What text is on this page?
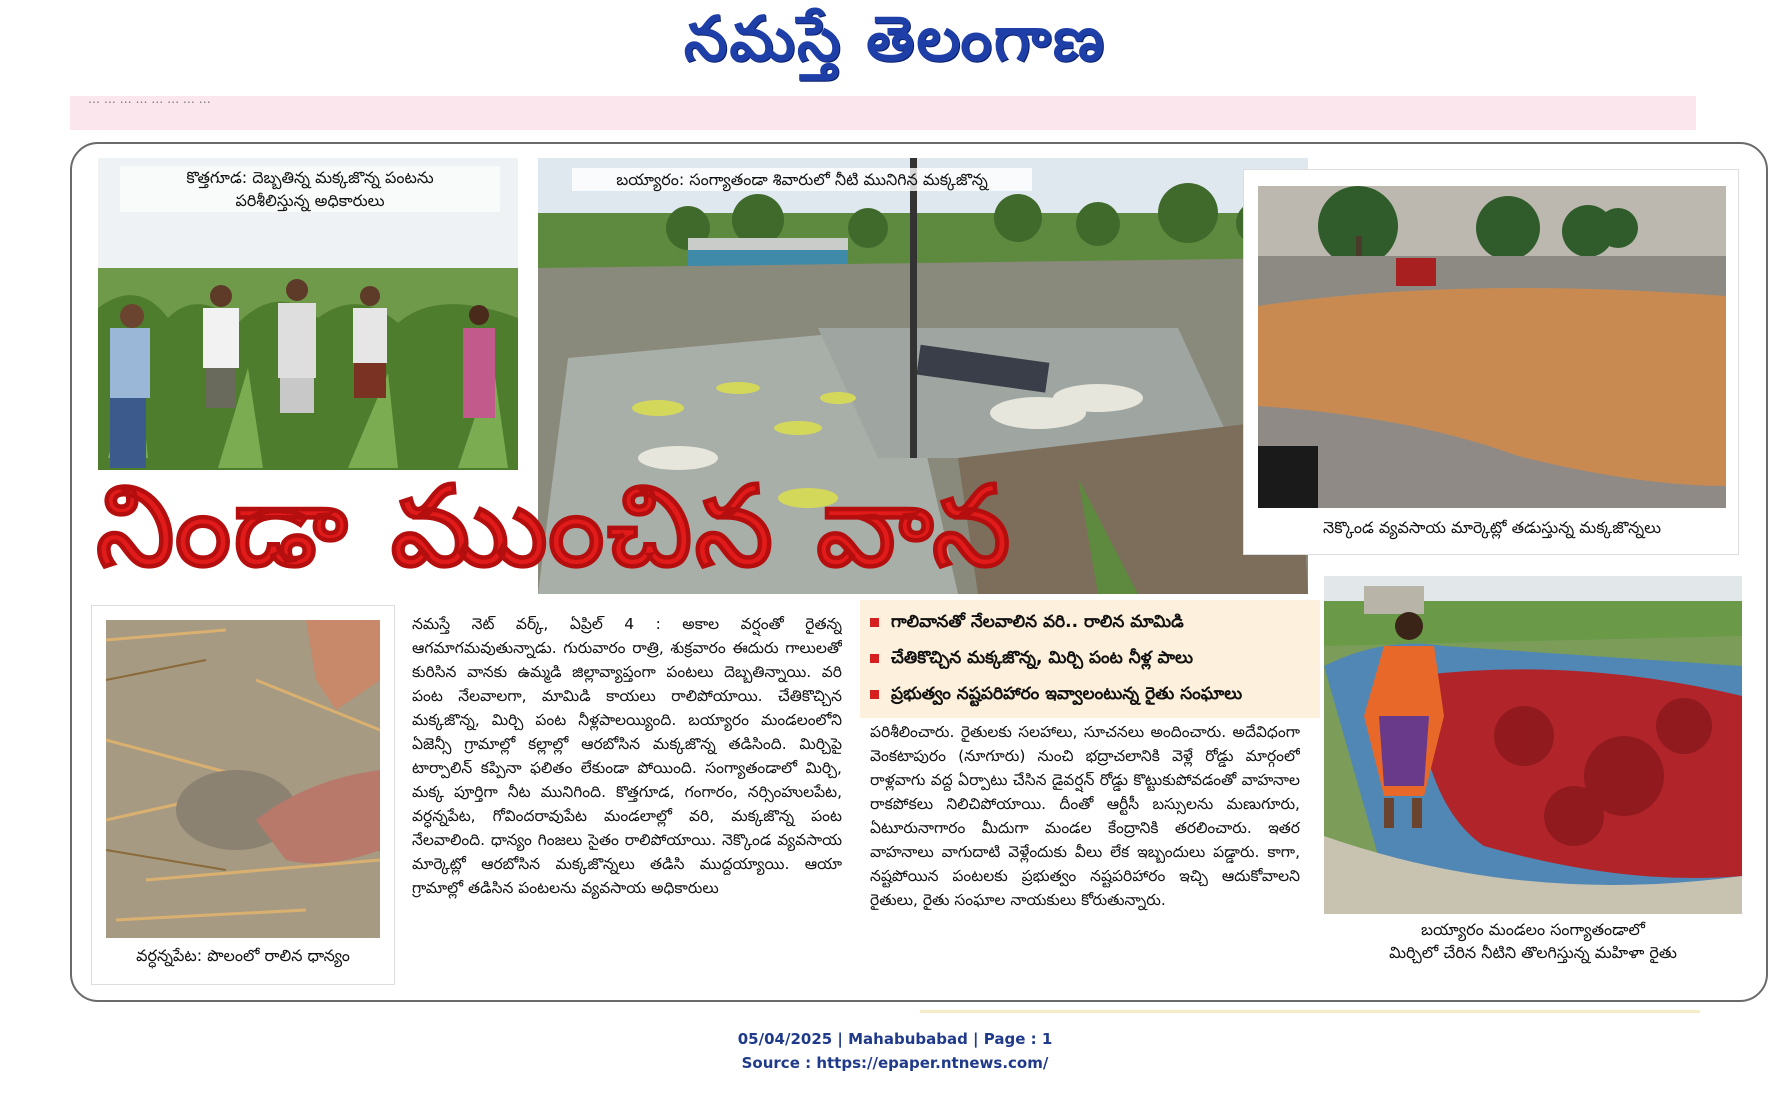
నమస్తే తెలంగాణ
… … … … … … … …
కొత్తగూడ: దెబ్బతిన్న మక్కజొన్న పంటను
పరిశీలిస్తున్న అధికారులు
బయ్యారం: సంగ్యాతండా శివారులో నీటి మునిగిన మక్కజొన్న
నెక్కొండ వ్యవసాయ మార్కెట్లో తడుస్తున్న మక్కజొన్నలు
నిండా ముంచిన వాన
వర్ధన్నపేట: పొలంలో రాలిన ధాన్యం

నమస్తే నెట్ వర్క్, ఏప్రిల్ 4 : అకాల వర్షంతో రైతన్న ఆగమాగమవుతున్నాడు. గురువారం రాత్రి, శుక్రవారం ఈదురు గాలులతో కురిసిన వానకు ఉమ్మడి జిల్లావ్యాప్తంగా పంటలు దెబ్బతిన్నాయి. వరి పంట నేలవాలగా, మామిడి కాయలు రాలిపోయాయి. చేతికొచ్చిన మక్కజొన్న, మిర్చి పంట నీళ్లపాలయ్యింది. బయ్యారం మండలంలోని ఏజెన్సీ గ్రామాల్లో కల్లాల్లో ఆరబోసిన మక్కజొన్న తడిసింది. మిర్చిపై టార్పాలిన్ కప్పినా ఫలితం లేకుండా పోయింది. సంగ్యాతండాలో మిర్చి, మక్క పూర్తిగా నీట మునిగింది. కొత్తగూడ, గంగారం, నర్సింహులపేట, వర్ధన్నపేట, గోవిందరావుపేట మండలాల్లో వరి, మక్కజొన్న పంట నేలవాలింది. ధాన్యం గింజలు సైతం రాలిపోయాయి. నెక్కొండ వ్యవసాయ మార్కెట్లో ఆరబోసిన మక్కజొన్నలు తడిసి ముద్దయ్యాయి. ఆయా గ్రామాల్లో తడిసిన పంటలను వ్యవసాయ అధికారులు

గాలివానతో నేలవాలిన వరి.. రాలిన మామిడి
చేతికొచ్చిన మక్కజొన్న, మిర్చి పంట నీళ్ల పాలు
ప్రభుత్వం నష్టపరిహారం ఇవ్వాలంటున్న రైతు సంఘాలు

పరిశీలించారు. రైతులకు సలహాలు, సూచనలు అందించారు. అదేవిధంగా వెంకటాపురం (నూగూరు) నుంచి భద్రాచలానికి వెళ్లే రోడ్డు మార్గంలో రాళ్లవాగు వద్ద ఏర్పాటు చేసిన డైవర్షన్ రోడ్డు కొట్టుకుపోవడంతో వాహనాల రాకపోకలు నిలిచిపోయాయి. దీంతో ఆర్టీసీ బస్సులను మణుగూరు, ఏటూరునాగారం మీదుగా మండల కేంద్రానికి తరలించారు. ఇతర వాహనాలు వాగుదాటి వెళ్లేందుకు వీలు లేక ఇబ్బందులు పడ్డారు. కాగా, నష్టపోయిన పంటలకు ప్రభుత్వం నష్టపరిహారం ఇచ్చి ఆదుకోవాలని రైతులు, రైతు సంఘాల నాయకులు కోరుతున్నారు.

బయ్యారం మండలం సంగ్యాతండాలో
మిర్చిలో చేరిన నీటిని తొలగిస్తున్న మహిళా రైతు
05/04/2025 | Mahabubabad | Page : 1
Source : https://epaper.ntnews.com/
